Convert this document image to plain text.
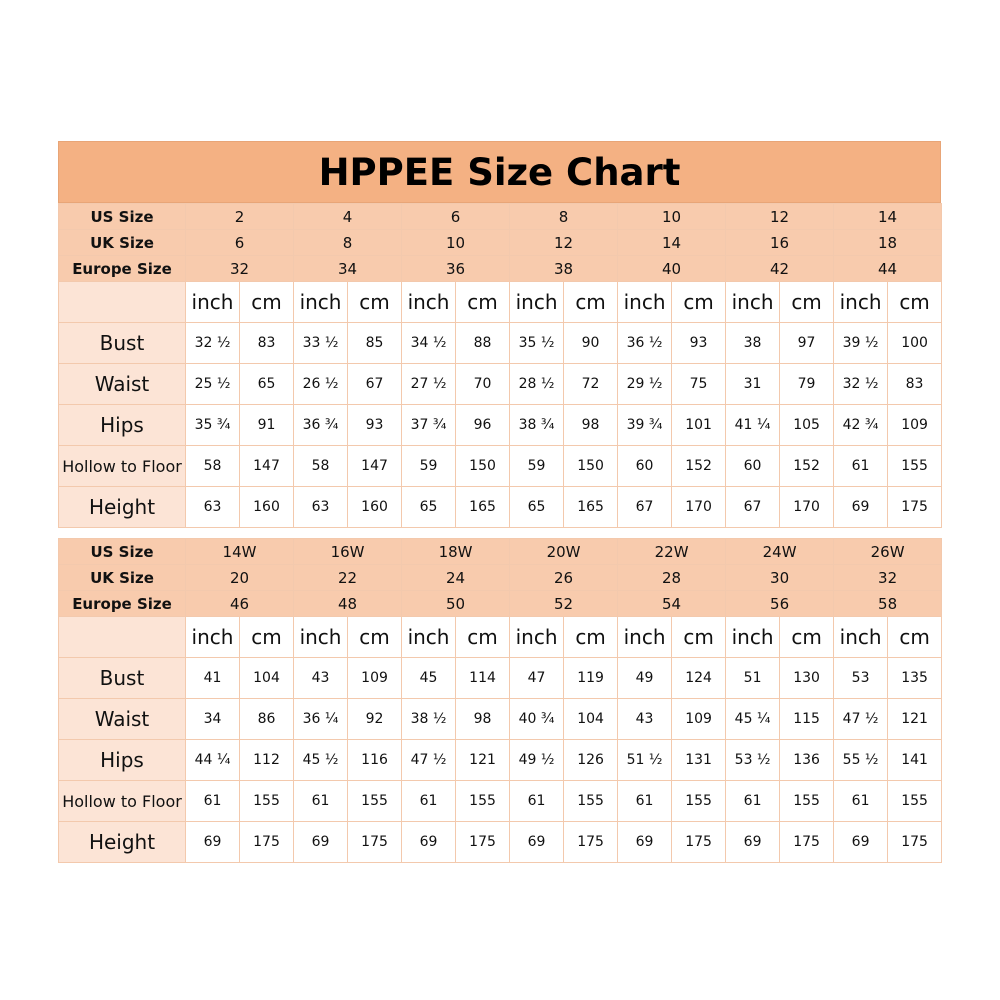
HPPEE Size Chart
US Size	2		4		6		8		10		12		14	
UK Size	6		8		10		12		14		16		18	
Europe Size	32		34		36		38		40		42		44	
	inch	cm	inch	cm	inch	cm	inch	cm	inch	cm	inch	cm	inch	cm
Bust	32 ½	83	33 ½	85	34 ½	88	35 ½	90	36 ½	93	38	97	39 ½	100
Waist	25 ½	65	26 ½	67	27 ½	70	28 ½	72	29 ½	75	31	79	32 ½	83
Hips	35 ¾	91	36 ¾	93	37 ¾	96	38 ¾	98	39 ¾	101	41 ¼	105	42 ¾	109
Hollow to Floor	58	147	58	147	59	150	59	150	60	152	60	152	61	155
Height	63	160	63	160	65	165	65	165	67	170	67	170	69	175
US Size	14W		16W		18W		20W		22W		24W		26W	
UK Size	20		22		24		26		28		30		32	
Europe Size	46		48		50		52		54		56		58	
	inch	cm	inch	cm	inch	cm	inch	cm	inch	cm	inch	cm	inch	cm
Bust	41	104	43	109	45	114	47	119	49	124	51	130	53	135
Waist	34	86	36 ¼	92	38 ½	98	40 ¾	104	43	109	45 ¼	115	47 ½	121
Hips	44 ¼	112	45 ½	116	47 ½	121	49 ½	126	51 ½	131	53 ½	136	55 ½	141
Hollow to Floor	61	155	61	155	61	155	61	155	61	155	61	155	61	155
Height	69	175	69	175	69	175	69	175	69	175	69	175	69	175
